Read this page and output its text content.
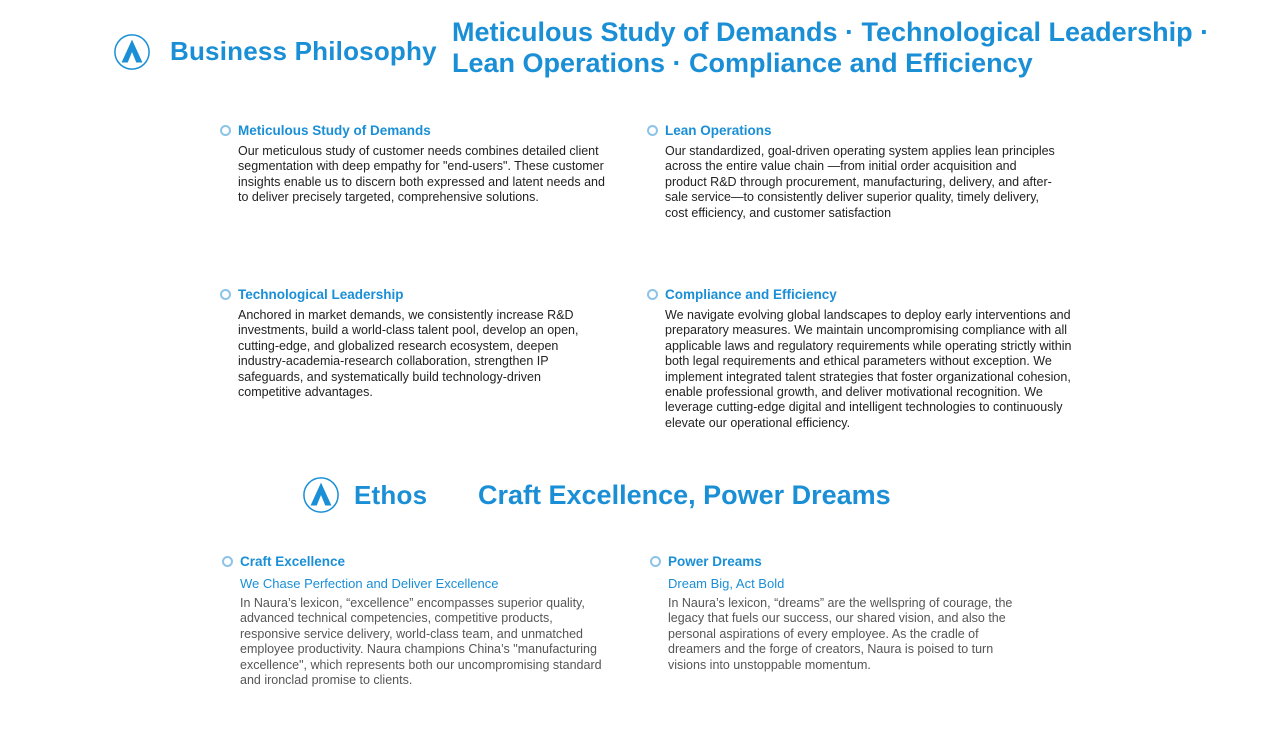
Business Philosophy
Meticulous Study of Demands · Technological Leadership ·
Lean Operations · Compliance and Efficiency
Meticulous Study of Demands
Our meticulous study of customer needs combines detailed client segmentation with deep empathy for "end-users". These customer insights enable us to discern both expressed and latent needs and to deliver precisely targeted, comprehensive solutions.
Lean Operations
Our standardized, goal-driven operating system applies lean principles across the entire value chain —from initial order acquisition and product R&D through procurement, manufacturing, delivery, and after-sale service—to consistently deliver superior quality, timely delivery, cost efficiency, and customer satisfaction
Technological Leadership
Anchored in market demands, we consistently increase R&D investments, build a world-class talent pool, develop an open, cutting-edge, and globalized research ecosystem, deepen industry-academia-research collaboration, strengthen IP safeguards, and systematically build technology-driven competitive advantages.
Compliance and Efficiency
We navigate evolving global landscapes to deploy early interventions and preparatory measures. We maintain uncompromising compliance with all applicable laws and regulatory requirements while operating strictly within both legal requirements and ethical parameters without exception. We implement integrated talent strategies that foster organizational cohesion, enable professional growth, and deliver motivational recognition. We leverage cutting-edge digital and intelligent technologies to continuously elevate our operational efficiency.
Ethos Craft Excellence, Power Dreams
Craft Excellence
We Chase Perfection and Deliver Excellence
In Naura’s lexicon, “excellence” encompasses superior quality, advanced technical competencies, competitive products, responsive service delivery, world-class team, and unmatched employee productivity. Naura champions China’s "manufacturing excellence", which represents both our uncompromising standard and ironclad promise to clients.
Power Dreams
Dream Big, Act Bold
In Naura’s lexicon, “dreams” are the wellspring of courage, the legacy that fuels our success, our shared vision, and also the personal aspirations of every employee. As the cradle of dreamers and the forge of creators, Naura is poised to turn visions into unstoppable momentum.
